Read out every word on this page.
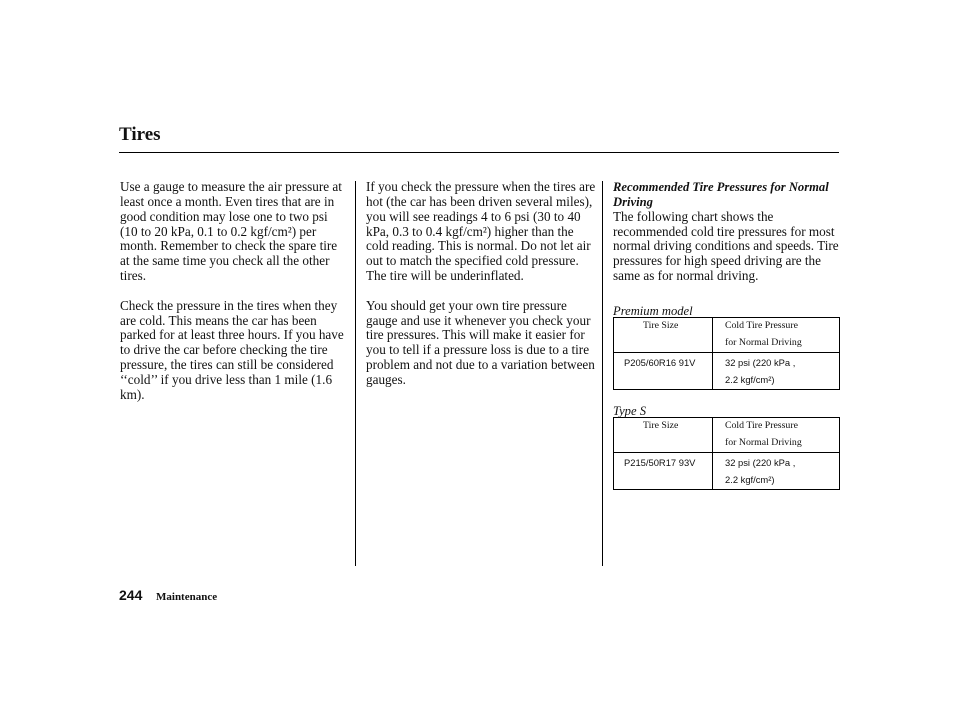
Tires

Use a gauge to measure the air pressure at least once a month. Even tires that are in good condition may lose one to two psi (10 to 20 kPa, 0.1 to 0.2 kgf/cm²) per month. Remember to check the spare tire at the same time you check all the other tires.

Check the pressure in the tires when they are cold. This means the car has been parked for at least three hours. If you have to drive the car before checking the tire pressure, the tires can still be considered ‘‘cold’’ if you drive less than 1 mile (1.6 km).

If you check the pressure when the tires are hot (the car has been driven several miles), you will see readings 4 to 6 psi (30 to 40 kPa, 0.3 to 0.4 kgf/cm²) higher than the cold reading. This is normal. Do not let air out to match the specified cold pressure. The tire will be underinflated.

You should get your own tire pressure gauge and use it whenever you check your tire pressures. This will make it easier for you to tell if a pressure loss is due to a tire problem and not due to a variation between gauges.

Recommended Tire Pressures for Normal Driving
The following chart shows the recommended cold tire pressures for most normal driving conditions and speeds. Tire pressures for high speed driving are the same as for normal driving.
Premium model
Tire Size	Cold Tire Pressure
for Normal Driving

P205/60R16 91V	32 psi (220 kPa ,
2.2 kgf/cm²)
Type S
Tire Size	Cold Tire Pressure
for Normal Driving

P215/50R17 93V	32 psi (220 kPa ,
2.2 kgf/cm²)
244 Maintenance
